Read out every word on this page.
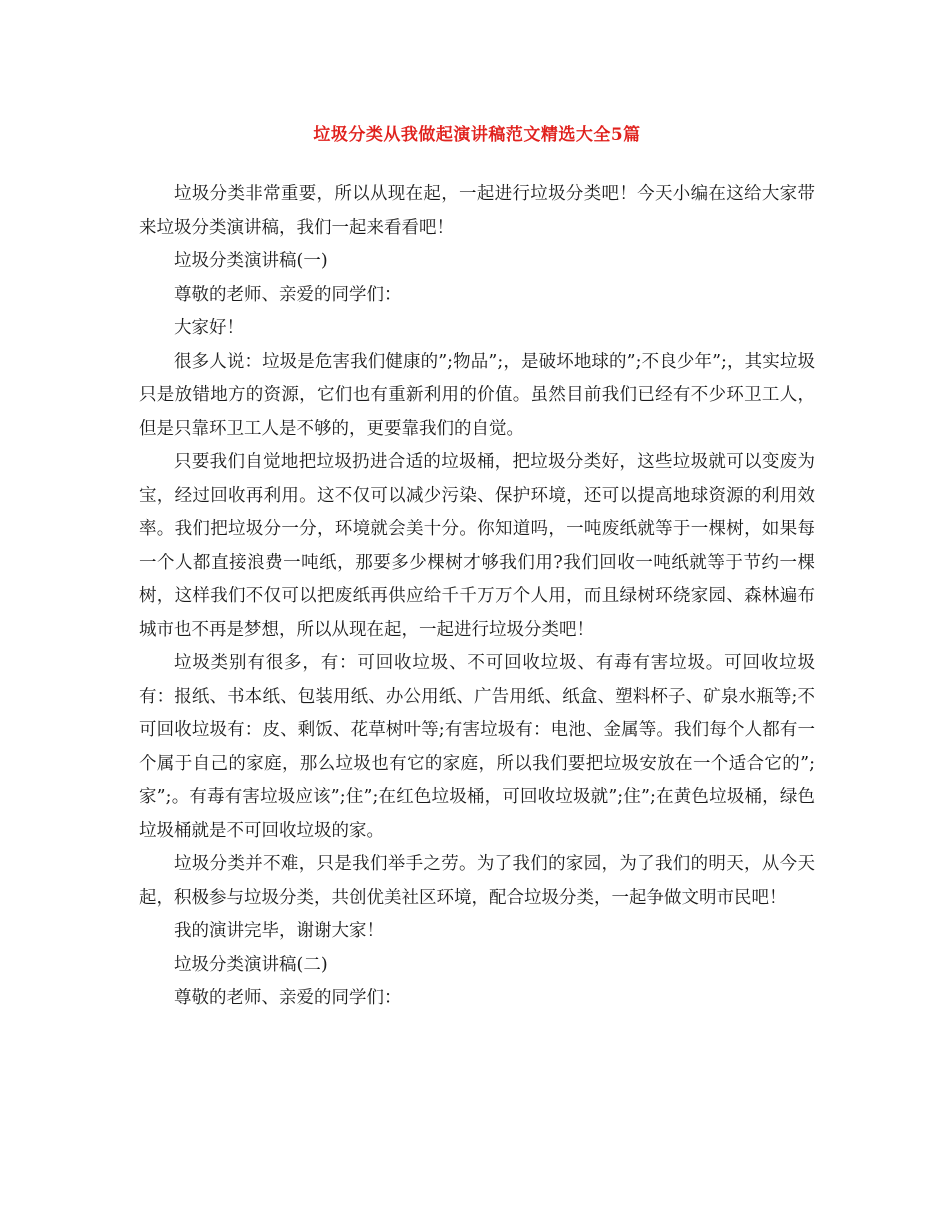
垃圾分类从我做起演讲稿范文精选大全5篇

垃圾分类非常重要，所以从现在起，一起进行垃圾分类吧！今天小编在这给大家带来垃圾分类演讲稿，我们一起来看看吧！

垃圾分类演讲稿(一)

尊敬的老师、亲爱的同学们：

大家好！

很多人说：垃圾是危害我们健康的”;物品”;，是破坏地球的”;不良少年”;，其实垃圾只是放错地方的资源，它们也有重新利用的价值。虽然目前我们已经有不少环卫工人，但是只靠环卫工人是不够的，更要靠我们的自觉。

只要我们自觉地把垃圾扔进合适的垃圾桶，把垃圾分类好，这些垃圾就可以变废为宝，经过回收再利用。这不仅可以减少污染、保护环境，还可以提高地球资源的利用效率。我们把垃圾分一分，环境就会美十分。你知道吗，一吨废纸就等于一棵树，如果每一个人都直接浪费一吨纸，那要多少棵树才够我们用?我们回收一吨纸就等于节约一棵树，这样我们不仅可以把废纸再供应给千千万万个人用，而且绿树环绕家园、森林遍布城市也不再是梦想，所以从现在起，一起进行垃圾分类吧！

垃圾类别有很多，有：可回收垃圾、不可回收垃圾、有毒有害垃圾。可回收垃圾有：报纸、书本纸、包装用纸、办公用纸、广告用纸、纸盒、塑料杯子、矿泉水瓶等;不可回收垃圾有：皮、剩饭、花草树叶等;有害垃圾有：电池、金属等。我们每个人都有一个属于自己的家庭，那么垃圾也有它的家庭，所以我们要把垃圾安放在一个适合它的”;家”;。有毒有害垃圾应该”;住”;在红色垃圾桶，可回收垃圾就”;住”;在黄色垃圾桶，绿色垃圾桶就是不可回收垃圾的家。

垃圾分类并不难，只是我们举手之劳。为了我们的家园，为了我们的明天，从今天起，积极参与垃圾分类，共创优美社区环境，配合垃圾分类，一起争做文明市民吧！

我的演讲完毕，谢谢大家！

垃圾分类演讲稿(二)

尊敬的老师、亲爱的同学们：
